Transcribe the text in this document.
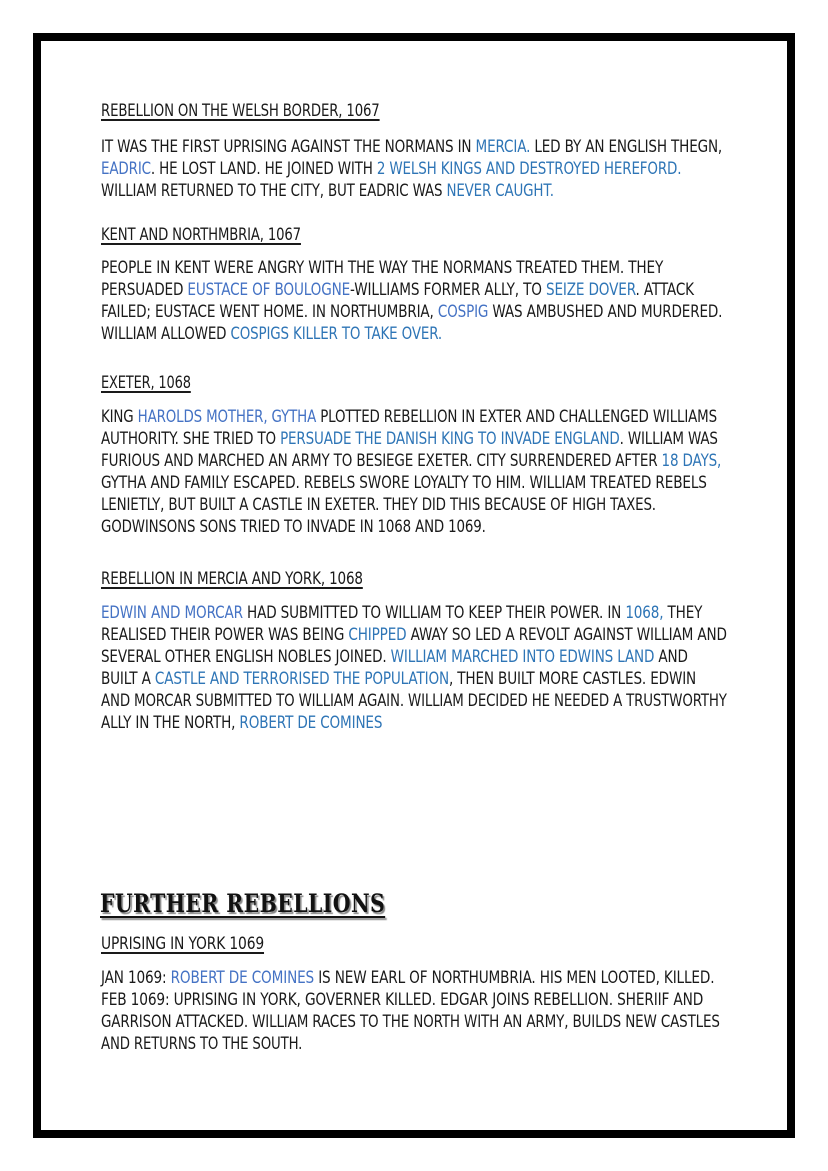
REBELLION ON THE WELSH BORDER, 1067
IT WAS THE FIRST UPRISING AGAINST THE NORMANS IN MERCIA. LED BY AN ENGLISH THEGN,
EADRIC. HE LOST LAND. HE JOINED WITH 2 WELSH KINGS AND DESTROYED HEREFORD.
WILLIAM RETURNED TO THE CITY, BUT EADRIC WAS NEVER CAUGHT.
KENT AND NORTHMBRIA, 1067
PEOPLE IN KENT WERE ANGRY WITH THE WAY THE NORMANS TREATED THEM. THEY
PERSUADED EUSTACE OF BOULOGNE-WILLIAMS FORMER ALLY, TO SEIZE DOVER. ATTACK
FAILED; EUSTACE WENT HOME. IN NORTHUMBRIA, COSPIG WAS AMBUSHED AND MURDERED.
WILLIAM ALLOWED COSPIGS KILLER TO TAKE OVER.
EXETER, 1068
KING HAROLDS MOTHER, GYTHA PLOTTED REBELLION IN EXTER AND CHALLENGED WILLIAMS
AUTHORITY. SHE TRIED TO PERSUADE THE DANISH KING TO INVADE ENGLAND. WILLIAM WAS
FURIOUS AND MARCHED AN ARMY TO BESIEGE EXETER. CITY SURRENDERED AFTER 18 DAYS,
GYTHA AND FAMILY ESCAPED. REBELS SWORE LOYALTY TO HIM. WILLIAM TREATED REBELS
LENIETLY, BUT BUILT A CASTLE IN EXETER. THEY DID THIS BECAUSE OF HIGH TAXES.
GODWINSONS SONS TRIED TO INVADE IN 1068 AND 1069.
REBELLION IN MERCIA AND YORK, 1068
EDWIN AND MORCAR HAD SUBMITTED TO WILLIAM TO KEEP THEIR POWER. IN 1068, THEY
REALISED THEIR POWER WAS BEING CHIPPED AWAY SO LED A REVOLT AGAINST WILLIAM AND
SEVERAL OTHER ENGLISH NOBLES JOINED. WILLIAM MARCHED INTO EDWINS LAND AND
BUILT A CASTLE AND TERRORISED THE POPULATION, THEN BUILT MORE CASTLES. EDWIN
AND MORCAR SUBMITTED TO WILLIAM AGAIN. WILLIAM DECIDED HE NEEDED A TRUSTWORTHY
ALLY IN THE NORTH, ROBERT DE COMINES
UPRISING IN YORK 1069
JAN 1069: ROBERT DE COMINES IS NEW EARL OF NORTHUMBRIA. HIS MEN LOOTED, KILLED.
FEB 1069: UPRISING IN YORK, GOVERNER KILLED. EDGAR JOINS REBELLION. SHERIIF AND
GARRISON ATTACKED. WILLIAM RACES TO THE NORTH WITH AN ARMY, BUILDS NEW CASTLES
AND RETURNS TO THE SOUTH.
FURTHER REBELLIONS
